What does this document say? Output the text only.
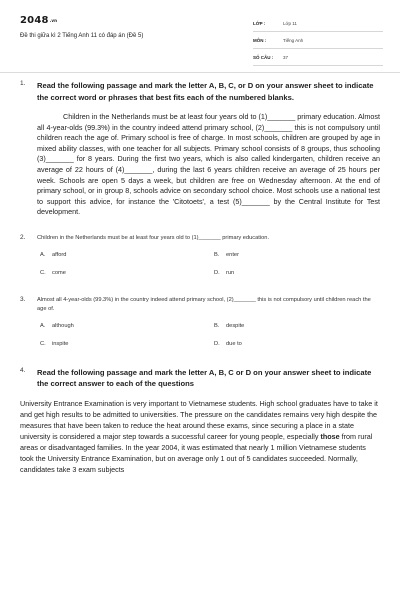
2048.vn
Đề thi giữa kì 2 Tiếng Anh 11 có đáp án (Đề 5)
LỚP :	Lớp 11
MÔN :	Tiếng Anh
SỐ CÂU :	37
1. Read the following passage and mark the letter A, B, C, or D on your answer sheet to indicate the correct word or phrases that best fits each of the numbered blanks.
Children in the Netherlands must be at least four years old to (1)_______ primary education. Almost all 4-year-olds (99.3%) in the country indeed attend primary school, (2)_______ this is not compulsory until children reach the age of. Primary school is free of charge. In most schools, children are grouped by age in mixed ability classes, with one teacher for all subjects. Primary school consists of 8 groups, thus schooling (3)_______ for 8 years. During the first two years, which is also called kindergarten, children receive an average of 22 hours of (4)_______, during the last 6 years children receive an average of 25 hours per week. Schools are open 5 days a week, but children are free on Wednesday afternoon. At the end of primary school, or in group 8, schools advice on secondary school choice. Most schools use a national test to support this advice, for instance the 'Citotoets', a test (5)_______ by the Central Institute for Test development.
2. Children in the Netherlands must be at least four years old to (1)_______ primary education.
A.	afford	B.	enter
C.	come	D.	run
3. Almost all 4-year-olds (99.3%) in the country indeed attend primary school, (2)_______ this is not compulsory until children reach the age of.
A.	although	B.	despite
C.	inspite	D.	due to
4. Read the following passage and mark the letter A, B, C or D on your answer sheet to indicate the correct answer to each of the questions
University Entrance Examination is very important to Vietnamese students. High school graduates have to take it and get high results to be admitted to universities. The pressure on the candidates remains very high despite the measures that have been taken to reduce the heat around these exams, since securing a place in a state university is considered a major step towards a successful career for young people, especially those from rural areas or disadvantaged families. In the year 2004, it was estimated that nearly 1 million Vietnamese students took the University Entrance Examination, but on average only 1 out of 5 candidates succeeded. Normally, candidates take 3 exam subjects
